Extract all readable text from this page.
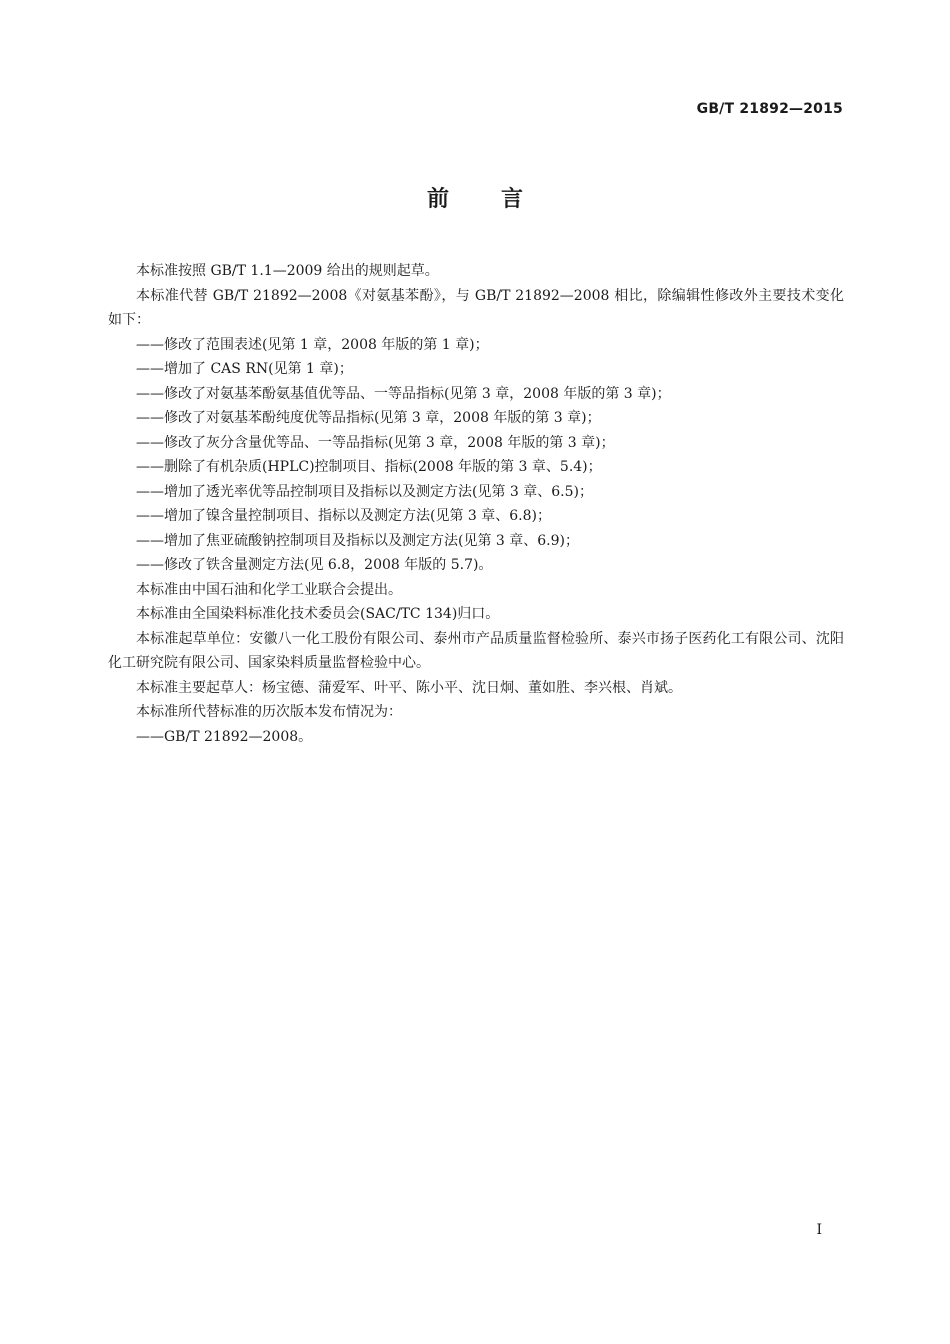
GB/T 21892—2015
前 言

本标准按照 GB/T 1.1—2009 给出的规则起草。

本标准代替 GB/T 21892—2008《对氨基苯酚》，与 GB/T 21892—2008 相比，除编辑性修改外主要技术变化如下：

——修改了范围表述(见第 1 章，2008 年版的第 1 章)；

——增加了 CAS RN(见第 1 章)；

——修改了对氨基苯酚氨基值优等品、一等品指标(见第 3 章，2008 年版的第 3 章)；

——修改了对氨基苯酚纯度优等品指标(见第 3 章，2008 年版的第 3 章)；

——修改了灰分含量优等品、一等品指标(见第 3 章，2008 年版的第 3 章)；

——删除了有机杂质(HPLC)控制项目、指标(2008 年版的第 3 章、5.4)；

——增加了透光率优等品控制项目及指标以及测定方法(见第 3 章、6.5)；

——增加了镍含量控制项目、指标以及测定方法(见第 3 章、6.8)；

——增加了焦亚硫酸钠控制项目及指标以及测定方法(见第 3 章、6.9)；

——修改了铁含量测定方法(见 6.8，2008 年版的 5.7)。

本标准由中国石油和化学工业联合会提出。

本标准由全国染料标准化技术委员会(SAC/TC 134)归口。

本标准起草单位：安徽八一化工股份有限公司、泰州市产品质量监督检验所、泰兴市扬子医药化工有限公司、沈阳化工研究院有限公司、国家染料质量监督检验中心。

本标准主要起草人：杨宝德、蒲爱军、叶平、陈小平、沈日炯、董如胜、李兴根、肖斌。

本标准所代替标准的历次版本发布情况为：

——GB/T 21892—2008。

I
